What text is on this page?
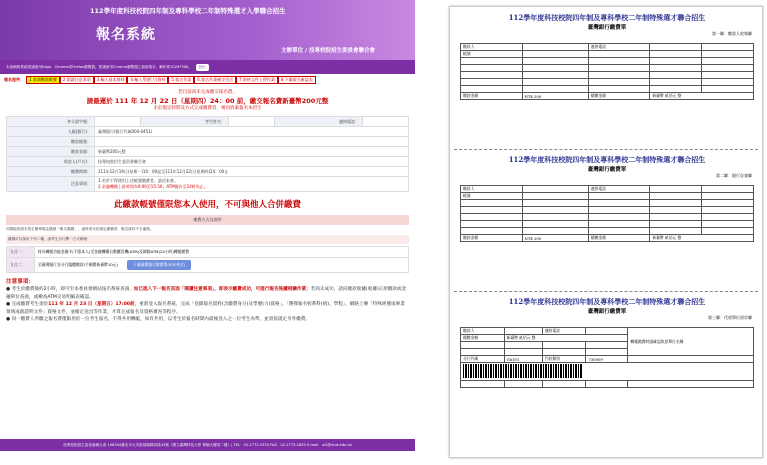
112學年度科技校院四年制及專科學校二年制特殊選才入學聯合招生
報名系統
主辦單位 / 技專校院招生委員會聯合會
本會網路系統建議使用Edge、Chrome或Firefox瀏覽器，建議使用Chrome瀏覽器之最新版本，解析度1024*768。	登出
報名程序：	1.查詢繳款帳號	2.閱讀注意事項	3.輸入基本資料	4.輸入學歷(力)資料	5.報名作業	6.報名作業確定送出	7.資格文件上傳作業	8.下載報名確認表
您目前尚未完成繳交報名費，
請最遲於 111 年 12 月 22 日（星期四）24：00 前，繳交報名費新臺幣200元整
未於規定時間及方式完成繳費者，視同放棄報名本招生
身分證字號：		考生姓名：		連絡電話：	
入帳(銀行)：	臺灣銀行(銀行代碼004-0451)				
繳款帳號：					
繳款金額：	新臺幣200元整				
收款人(戶名)：	技專校院招生委員會聯合會				
繳費時間：	111年12月19日(星期一)10：00起至111年12月22日(星期四)24：00止				
注意事項：	1.若於不得使用上述帳號繳費者，請洽本會。
2.金融機構上班時間為9:00至15:30；ATM操作至24時為止。				
此繳款帳號僅限您本人使用，不可與他人合併繳費
繳費方式及說明
同樣地依照本招生簡章規定繳納「報名繳費」，逾時或未依規定繳費者，報名資料不予處理。
繳費可以採用下列二種，請考生自行擇一方式辦理：
方式一：	持具轉帳功能金融卡(不限本人)至金融機構自動櫃員機(ATM)及網路ATM(24小時)轉帳繳費
方式二：	至臺灣銀行各分行臨櫃繳款(手續費新臺幣10元) 下載臺灣銀行繳費單(PDF格式)
注意事項：
● 考生於繳費後約2小時，即可至本委員會網站報名系統查詢，如已進入下一報名頁面「閱讀注意事項」，即表示繳費成功，可進行報名後續相關作業；若尚未成功，請向繳款收據(收據)正原繳款或金融單位查詢，或檢查ATM交易明細表確認。
● 完成繳費考生須於111 年 12 月 23 日（星期五）17:00前，重新登入報名系統，完成「登錄報名資料(含繳費身分)及學歷(力)資格」、「選擇報名校系科(組)、學程」、網路上傳「特殊經歷或專業領域成就證明文件」資格文件，並確定送出等作業，才算完成報名及資格審查等程序。
● 同一繳費人所繳之報名費僅限用於一位考生報名，不得共用轉帳，如有共用，以考生於報名時間內最後登入之一位考生為準，並須依規定另外繳費。
技專校院招生委員會聯合會 106344臺北市大安區基隆路四段43號（國立臺灣科技大學 實驗大樓前二樓）| TEL：02-2772-5333 FAX：02-2773-1655 E-mail：ui2@ntut.edu.tw
112學年度科技校院四年制及專科學校二年制特殊選才聯合招生
臺灣銀行繳費單
第一聯：繳款人收執聯
繳款人		連絡電話		
帳號				

繳款金額	NT$ 200	總繳金額	新臺幣 貳佰元 整	
112學年度科技校院四年制及專科學校二年制特殊選才聯合招生
臺灣銀行繳費單
第二聯：銀行存查聯
繳款人		連絡電話		
帳號				

繳款金額	NT$ 200	總繳金額	新臺幣 貳佰元 整	
112學年度科技校院四年制及專科學校二年制特殊選才聯合招生
臺灣銀行繳費單
第三聯：代收單位留存聯
繳款人		連絡電話		轉帳繳費時請確認收款單位名稱
總繳金額	新臺幣 貳佰元 整			

分行代碼	G6101	代收類別	730009	
